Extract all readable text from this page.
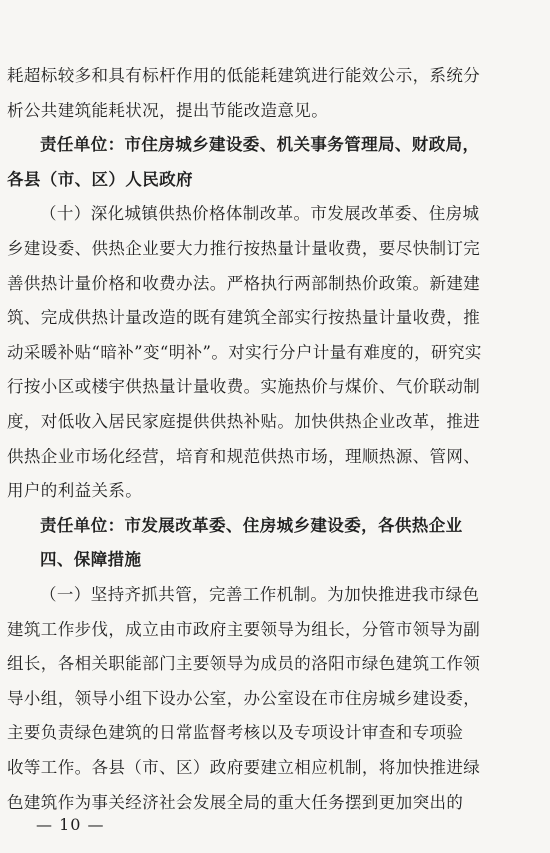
耗超标较多和具有标杆作用的低能耗建筑进行能效公示，系统分
析公共建筑能耗状况，提出节能改造意见。
责任单位：市住房城乡建设委、机关事务管理局、财政局，
各县（市、区）人民政府
（十）深化城镇供热价格体制改革。市发展改革委、住房城
乡建设委、供热企业要大力推行按热量计量收费，要尽快制订完
善供热计量价格和收费办法。严格执行两部制热价政策。新建建
筑、完成供热计量改造的既有建筑全部实行按热量计量收费，推
动采暖补贴“暗补”变“明补”。对实行分户计量有难度的，研究实
行按小区或楼宇供热量计量收费。实施热价与煤价、气价联动制
度，对低收入居民家庭提供供热补贴。加快供热企业改革，推进
供热企业市场化经营，培育和规范供热市场，理顺热源、管网、
用户的利益关系。
责任单位：市发展改革委、住房城乡建设委，各供热企业
四、保障措施
（一）坚持齐抓共管，完善工作机制。为加快推进我市绿色
建筑工作步伐，成立由市政府主要领导为组长，分管市领导为副
组长，各相关职能部门主要领导为成员的洛阳市绿色建筑工作领
导小组，领导小组下设办公室，办公室设在市住房城乡建设委，
主要负责绿色建筑的日常监督考核以及专项设计审查和专项验
收等工作。各县（市、区）政府要建立相应机制，将加快推进绿
色建筑作为事关经济社会发展全局的重大任务摆到更加突出的
— 10 —
